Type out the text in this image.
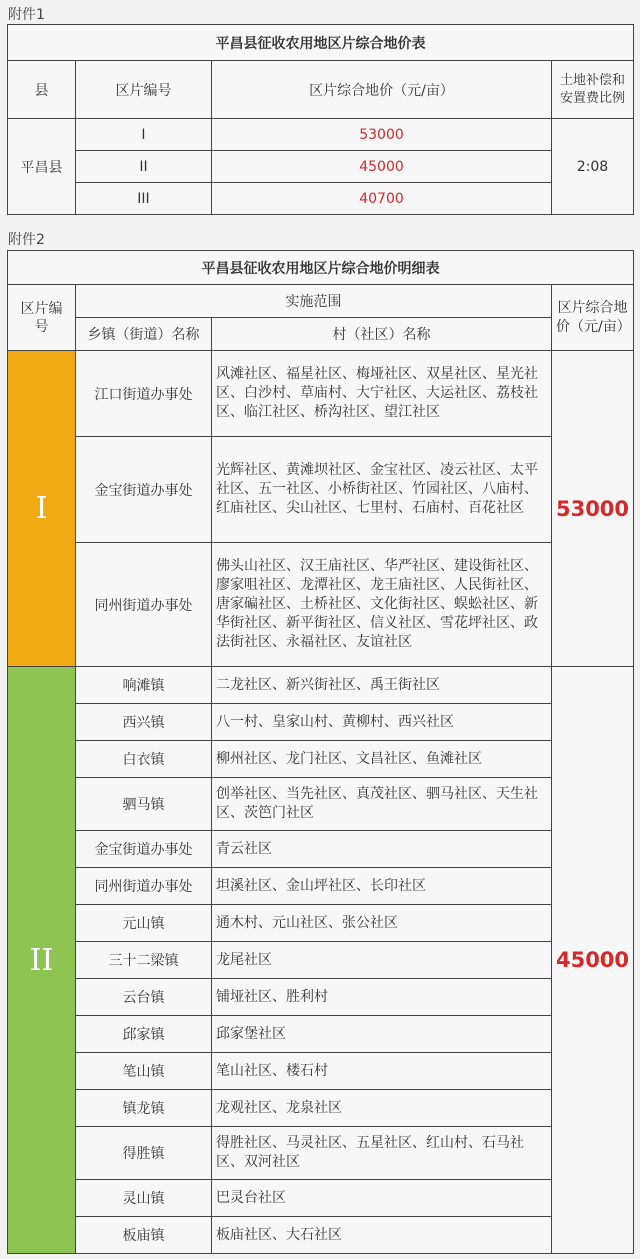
附件1
平昌县征收农用地区片综合地价表			
县	区片编号	区片综合地价（元/亩）	土地补偿和安置费比例
平昌县	I	53000	2:08
	II	45000	
	III	40700	
附件2
平昌县征收农用地区片综合地价明细表			
区片编号	实施范围		区片综合地价（元/亩）
	乡镇（街道）名称	村（社区）名称	
I	江口街道办事处	风滩社区、福星社区、梅垭社区、双星社区、星光社区、白沙村、草庙村、大宁社区、大运社区、荔枝社区、临江社区、桥沟社区、望江社区	53000
	金宝街道办事处	光辉社区、黄滩坝社区、金宝社区、凌云社区、太平社区、五一社区、小桥街社区、竹园社区、八庙村、红庙社区、尖山社区、七里村、石庙村、百花社区	
	同州街道办事处	佛头山社区、汉王庙社区、华严社区、建设街社区、廖家咀社区、龙潭社区、龙王庙社区、人民街社区、唐家碥社区、土桥社区、文化街社区、蜈蚣社区、新华街社区、新平街社区、信义社区、雪花坪社区、政法街社区、永福社区、友谊社区	
II	响滩镇	二龙社区、新兴街社区、禹王街社区	45000
	西兴镇	八一村、皇家山村、黄柳村、西兴社区	
	白衣镇	柳州社区、龙门社区、文昌社区、鱼滩社区	
	驷马镇	创举社区、当先社区、真茂社区、驷马社区、天生社区、茨笆门社区	
	金宝街道办事处	青云社区	
	同州街道办事处	坦溪社区、金山坪社区、长印社区	
	元山镇	通木村、元山社区、张公社区	
	三十二梁镇	龙尾社区	
	云台镇	铺垭社区、胜利村	
	邱家镇	邱家堡社区	
	笔山镇	笔山社区、楼石村	
	镇龙镇	龙观社区、龙泉社区	
	得胜镇	得胜社区、马灵社区、五星社区、红山村、石马社区、双河社区	
	灵山镇	巴灵台社区	
	板庙镇	板庙社区、大石社区	
